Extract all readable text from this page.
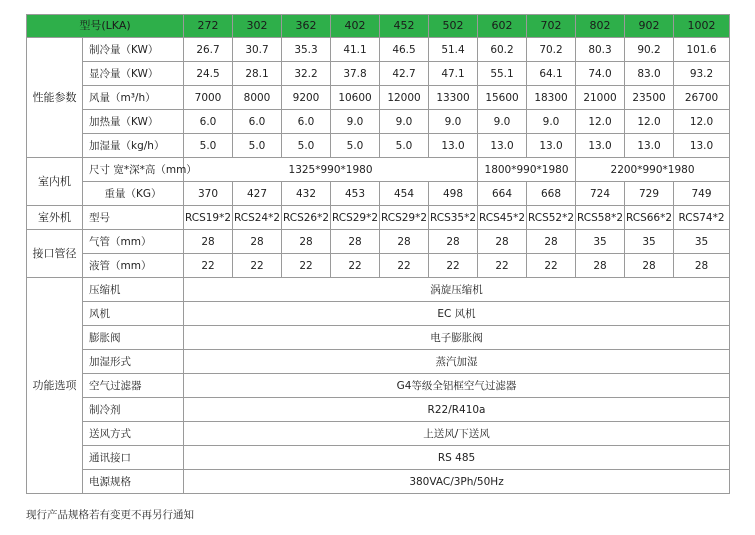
型号(LKA)		272	302	362	402	452	502	602	702	802	902	1002
性能参数	制冷量（KW）	26.7	30.7	35.3	41.1	46.5	51.4	60.2	70.2	80.3	90.2	101.6
	显冷量（KW）	24.5	28.1	32.2	37.8	42.7	47.1	55.1	64.1	74.0	83.0	93.2
	风量（m³/h）	7000	8000	9200	10600	12000	13300	15600	18300	21000	23500	26700
	加热量（KW）	6.0	6.0	6.0	9.0	9.0	9.0	9.0	9.0	12.0	12.0	12.0
	加湿量（kg/h）	5.0	5.0	5.0	5.0	5.0	13.0	13.0	13.0	13.0	13.0	13.0
室内机	尺寸 宽*深*高（mm）	1325*990*1980						1800*990*1980		2200*990*1980		
	重量（KG）	370	427	432	453	454	498	664	668	724	729	749
室外机	型号	RCS19*2	RCS24*2	RCS26*2	RCS29*2	RCS29*2	RCS35*2	RCS45*2	RCS52*2	RCS58*2	RCS66*2	RCS74*2
接口管径	气管（mm）	28	28	28	28	28	28	28	28	35	35	35
	液管（mm）	22	22	22	22	22	22	22	22	28	28	28
功能选项	压缩机	涡旋压缩机										
	风机	EC 风机										
	膨胀阀	电子膨胀阀										
	加湿形式	蒸汽加湿										
	空气过滤器	G4等级全铝框空气过滤器										
	制冷剂	R22/R410a										
	送风方式	上送风/下送风										
	通讯接口	RS 485										
	电源规格	380VAC/3Ph/50Hz										
现行产品规格若有变更不再另行通知
